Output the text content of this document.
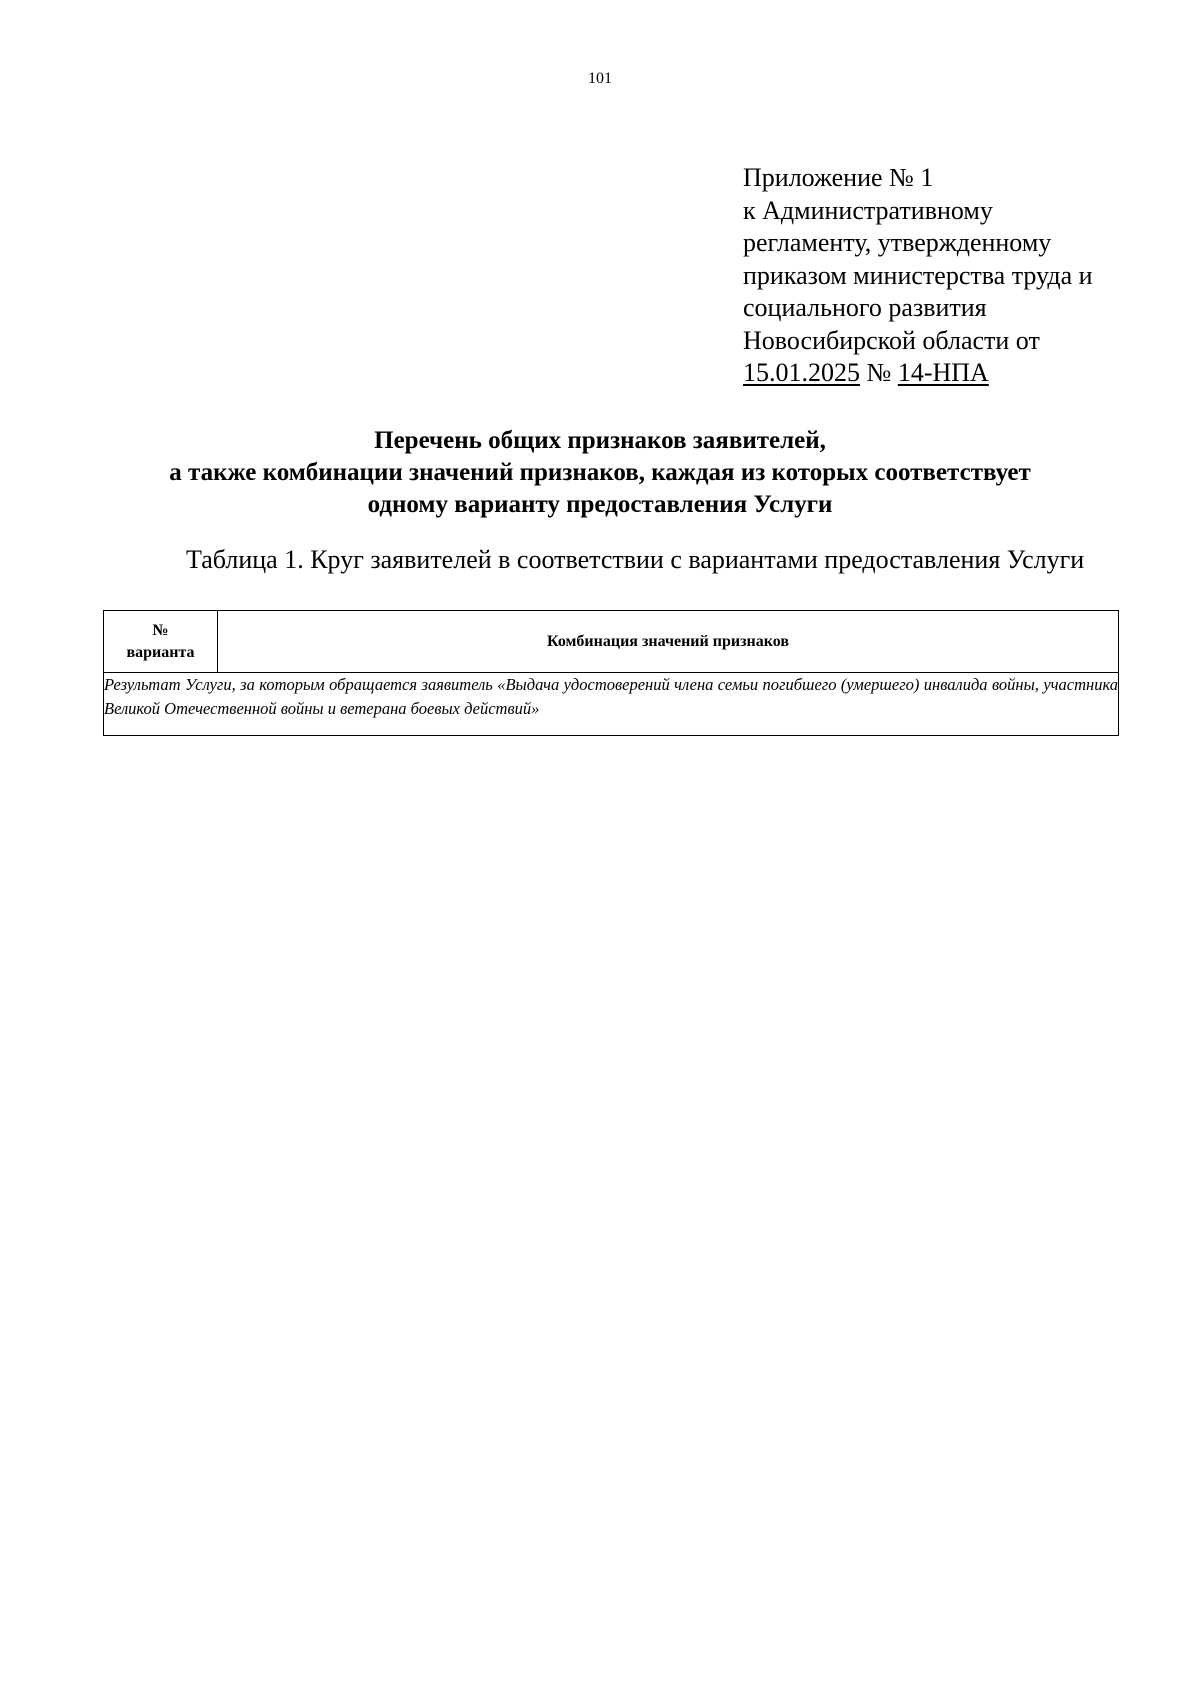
101
Приложение № 1
к Административному
регламенту, утвержденному
приказом министерства труда и
социального развития
Новосибирской области от
15.01.2025 № 14-НПА
Перечень общих признаков заявителей,
а также комбинации значений признаков, каждая из которых соответствует
одному варианту предоставления Услуги
Таблица 1. Круг заявителей в соответствии с вариантами предоставления Услуги
№
варианта
	Комбинация значений признаков
Результат Услуги, за которым обращается заявитель «Выдача удостоверений члена семьи погибшего (умершего) инвалида войны, участника Великой Отечественной войны и ветерана боевых действий»
